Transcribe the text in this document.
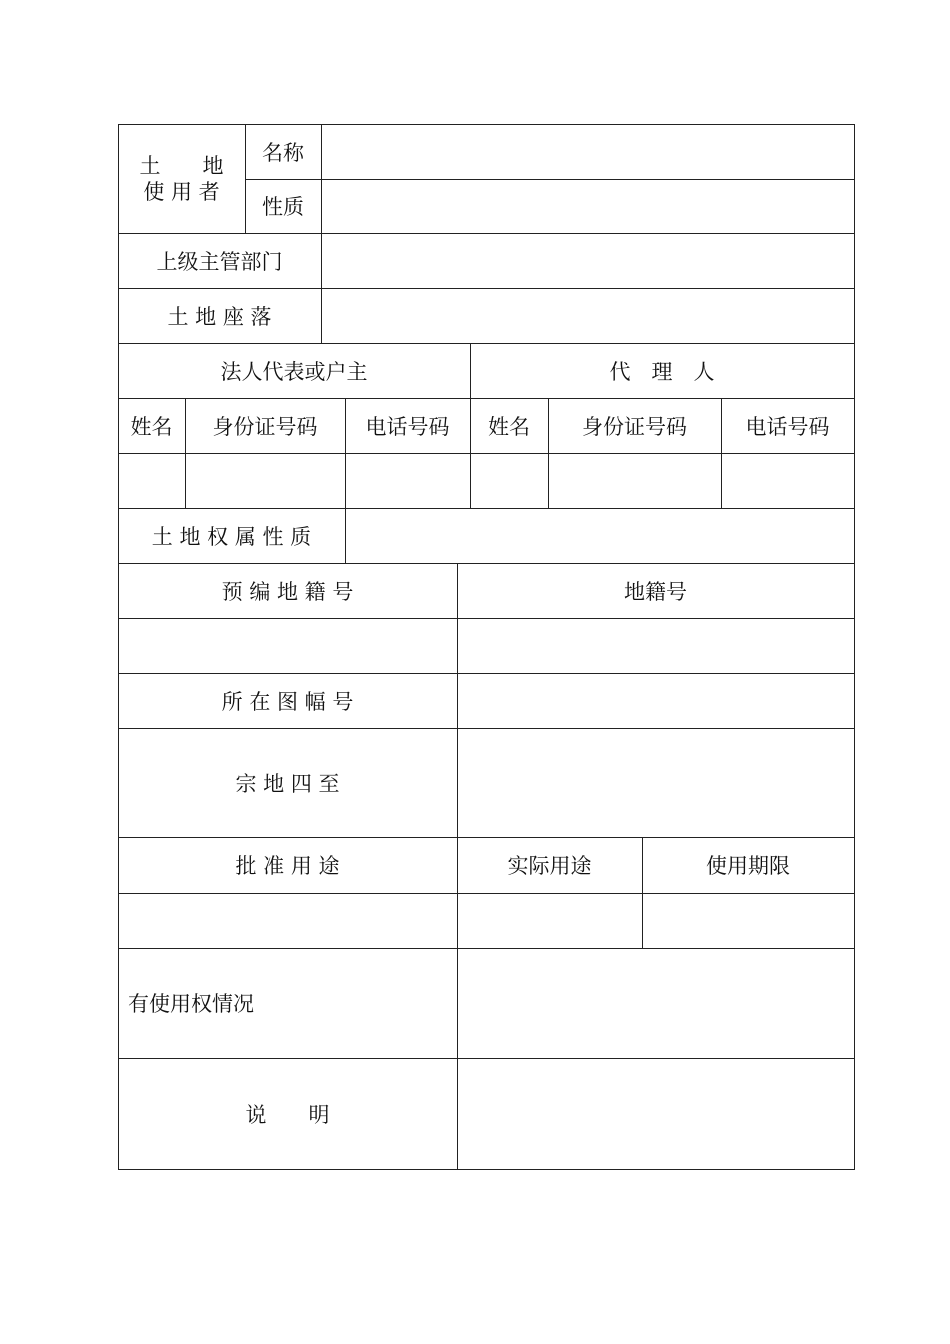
土　　地
使 用 者
名称
性质
上级主管部门
土 地 座 落
法人代表或户主	代　理　人
姓名	身份证号码	电话号码	姓名	身份证号码	电话号码
土 地 权 属 性 质
预 编 地 籍 号	地籍号
所 在 图 幅 号
宗 地 四 至
批 准 用 途	实际用途	使用期限
有使用权情况
说　　明
